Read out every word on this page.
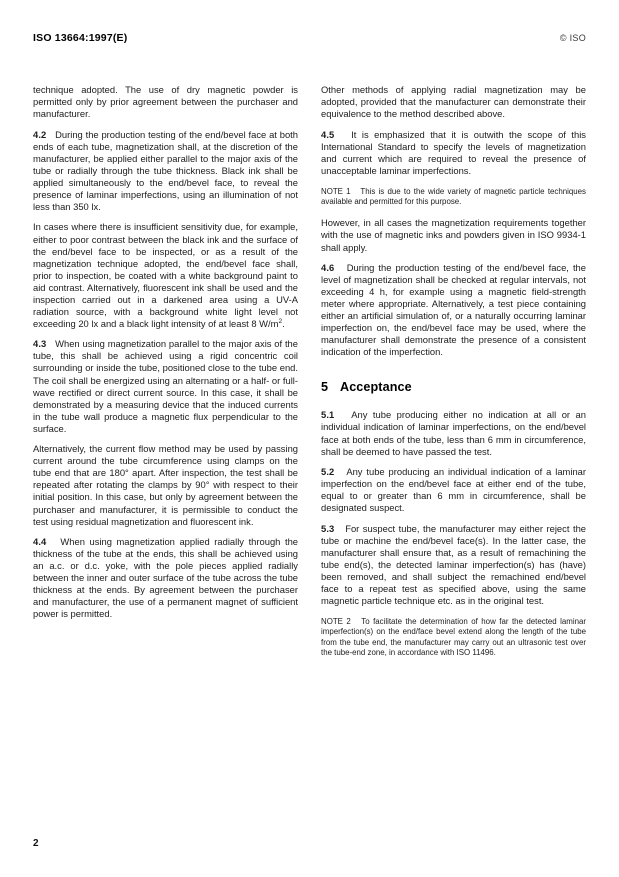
ISO 13664:1997(E)	© ISO

technique adopted. The use of dry magnetic powder is permitted only by prior agreement between the purchaser and manufacturer.

4.2 During the production testing of the end/bevel face at both ends of each tube, magnetization shall, at the discretion of the manufacturer, be applied either parallel to the major axis of the tube or radially through the tube thickness. Black ink shall be applied simultaneously to the end/bevel face, to reveal the presence of laminar imperfections, using an illumination of not less than 350 lx.

In cases where there is insufficient sensitivity due, for example, either to poor contrast between the black ink and the surface of the end/bevel face to be inspected, or as a result of the magnetization technique adopted, the end/bevel face shall, prior to inspection, be coated with a white background paint to aid contrast. Alternatively, fluorescent ink shall be used and the inspection carried out in a darkened area using a UV-A radiation source, with a background white light level not exceeding 20 lx and a black light intensity of at least 8 $W/m^2$.

4.3 When using magnetization parallel to the major axis of the tube, this shall be achieved using a rigid concentric coil surrounding or inside the tube, positioned close to the tube end. The coil shall be energized using an alternating or a half- or full-wave rectified or direct current source. In this case, it shall be demonstrated by a measuring device that the induced currents in the tube wall produce a magnetic flux perpendicular to the surface.

Alternatively, the current flow method may be used by passing current around the tube circumference using clamps on the tube end that are 180° apart. After inspection, the test shall be repeated after rotating the clamps by 90° with respect to their initial position. In this case, but only by agreement between the purchaser and manufacturer, it is permissible to conduct the test using residual magnetization and fluorescent ink.

4.4 When using magnetization applied radially through the thickness of the tube at the ends, this shall be achieved using an a.c. or d.c. yoke, with the pole pieces applied radially between the inner and outer surface of the tube across the tube thickness at the ends. By agreement between the purchaser and manufacturer, the use of a permanent magnet of sufficient power is permitted.

Other methods of applying radial magnetization may be adopted, provided that the manufacturer can demonstrate their equivalence to the method described above.

4.5 It is emphasized that it is outwith the scope of this International Standard to specify the levels of magnetization and current which are required to reveal the presence of unacceptable laminar imperfections.

NOTE 1 This is due to the wide variety of magnetic particle techniques available and permitted for this purpose.

However, in all cases the magnetization requirements together with the use of magnetic inks and powders given in ISO 9934-1 shall apply.

4.6 During the production testing of the end/bevel face, the level of magnetization shall be checked at regular intervals, not exceeding 4 h, for example using a magnetic field-strength meter where appropriate. Alternatively, a test piece containing either an artificial simulation of, or a naturally occurring laminar imperfection on, the end/bevel face may be used, where the manufacturer shall demonstrate the presence of a consistent indication of the imperfection.

5 Acceptance

5.1 Any tube producing either no indication at all or an individual indication of laminar imperfections, on the end/bevel face at both ends of the tube, less than 6 mm in circumference, shall be deemed to have passed the test.

5.2 Any tube producing an individual indication of a laminar imperfection on the end/bevel face at either end of the tube, equal to or greater than 6 mm in circumference, shall be designated suspect.

5.3 For suspect tube, the manufacturer may either reject the tube or machine the end/bevel face(s). In the latter case, the manufacturer shall ensure that, as a result of remachining the tube end(s), the detected laminar imperfection(s) has (have) been removed, and shall subject the remachined end/bevel face to a repeat test as specified above, using the same magnetic particle technique etc. as in the original test.

NOTE 2 To facilitate the determination of how far the detected laminar imperfection(s) on the end/face bevel extend along the length of the tube from the tube end, the manufacturer may carry out an ultrasonic test over the tube-end zone, in accordance with ISO 11496.

2
